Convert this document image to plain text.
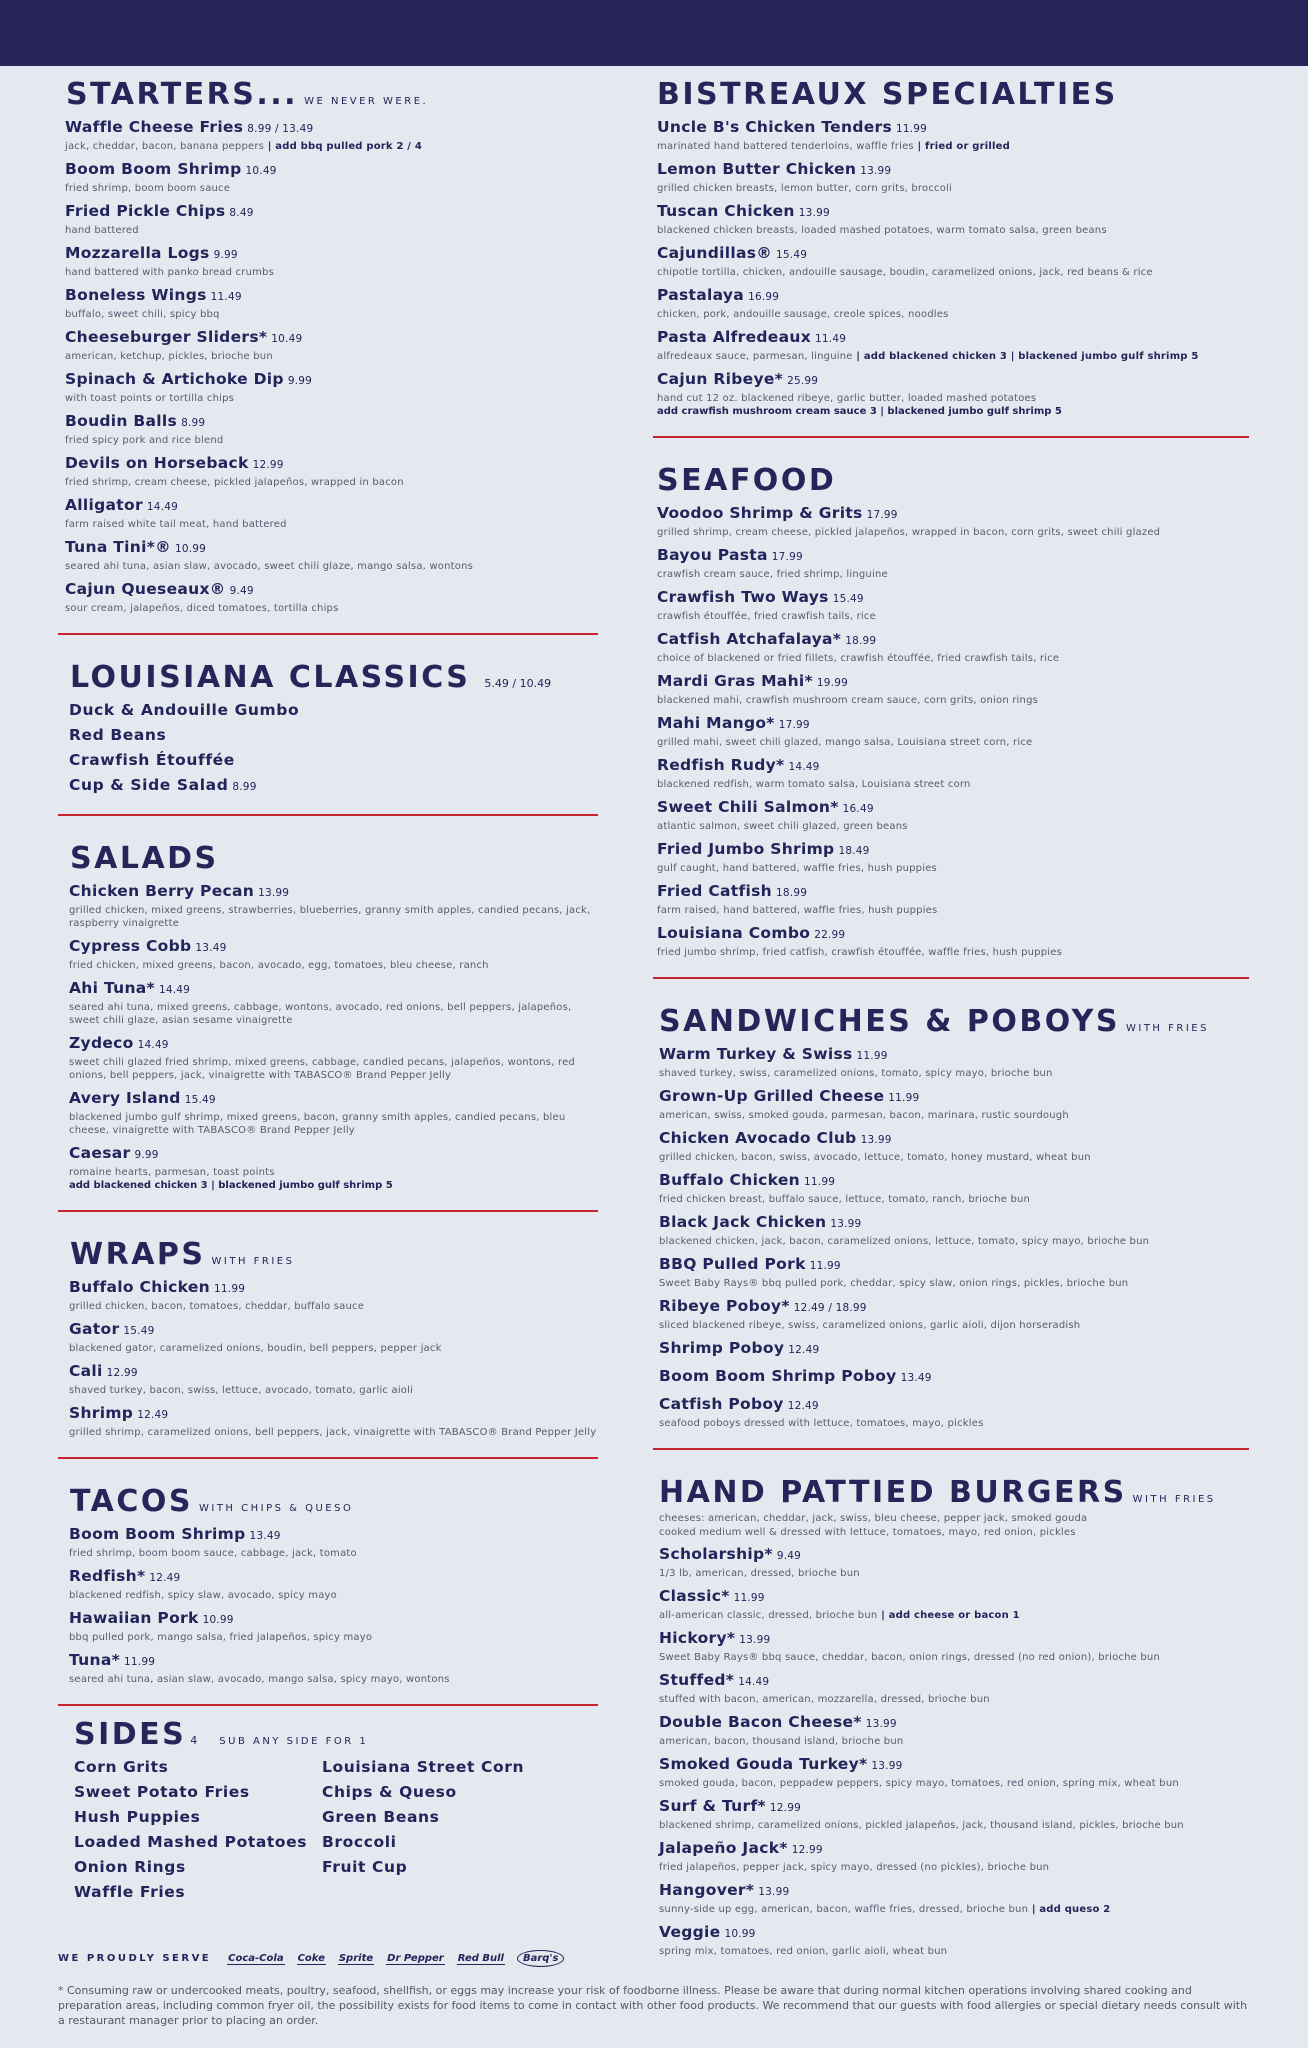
STARTERS... WE NEVER WERE.
Waffle Cheese Fries 8.99 / 13.49
jack, cheddar, bacon, banana peppers | add bbq pulled pork 2 / 4
Boom Boom Shrimp 10.49
fried shrimp, boom boom sauce
Fried Pickle Chips 8.49
hand battered
Mozzarella Logs 9.99
hand battered with panko bread crumbs
Boneless Wings 11.49
buffalo, sweet chili, spicy bbq
Cheeseburger Sliders* 10.49
american, ketchup, pickles, brioche bun
Spinach & Artichoke Dip 9.99
with toast points or tortilla chips
Boudin Balls 8.99
fried spicy pork and rice blend
Devils on Horseback 12.99
fried shrimp, cream cheese, pickled jalapeños, wrapped in bacon
Alligator 14.49
farm raised white tail meat, hand battered
Tuna Tini*® 10.99
seared ahi tuna, asian slaw, avocado, sweet chili glaze, mango salsa, wontons
Cajun Queseaux® 9.49
sour cream, jalapeños, diced tomatoes, tortilla chips
LOUISIANA CLASSICS 5.49 / 10.49
Duck & Andouille Gumbo
Red Beans
Crawfish Étouffée
Cup & Side Salad 8.99
SALADS
Chicken Berry Pecan 13.99
grilled chicken, mixed greens, strawberries, blueberries, granny smith apples, candied pecans, jack, raspberry vinaigrette
Cypress Cobb 13.49
fried chicken, mixed greens, bacon, avocado, egg, tomatoes, bleu cheese, ranch
Ahi Tuna* 14.49
seared ahi tuna, mixed greens, cabbage, wontons, avocado, red onions, bell peppers, jalapeños, sweet chili glaze, asian sesame vinaigrette
Zydeco 14.49
sweet chili glazed fried shrimp, mixed greens, cabbage, candied pecans, jalapeños, wontons, red onions, bell peppers, jack, vinaigrette with TABASCO® Brand Pepper Jelly
Avery Island 15.49
blackened jumbo gulf shrimp, mixed greens, bacon, granny smith apples, candied pecans, bleu cheese, vinaigrette with TABASCO® Brand Pepper Jelly
Caesar 9.99
romaine hearts, parmesan, toast points
add blackened chicken 3 | blackened jumbo gulf shrimp 5
WRAPS WITH FRIES
Buffalo Chicken 11.99
grilled chicken, bacon, tomatoes, cheddar, buffalo sauce
Gator 15.49
blackened gator, caramelized onions, boudin, bell peppers, pepper jack
Cali 12.99
shaved turkey, bacon, swiss, lettuce, avocado, tomato, garlic aioli
Shrimp 12.49
grilled shrimp, caramelized onions, bell peppers, jack, vinaigrette with TABASCO® Brand Pepper Jelly
TACOS WITH CHIPS & QUESO
Boom Boom Shrimp 13.49
fried shrimp, boom boom sauce, cabbage, jack, tomato
Redfish* 12.49
blackened redfish, spicy slaw, avocado, spicy mayo
Hawaiian Pork 10.99
bbq pulled pork, mango salsa, fried jalapeños, spicy mayo
Tuna* 11.99
seared ahi tuna, asian slaw, avocado, mango salsa, spicy mayo, wontons
SIDES 4 SUB ANY SIDE FOR 1
Corn Grits
Sweet Potato Fries
Hush Puppies
Loaded Mashed Potatoes
Onion Rings
Waffle Fries
Louisiana Street Corn
Chips & Queso
Green Beans
Broccoli
Fruit Cup
BISTREAUX SPECIALTIES
Uncle B's Chicken Tenders 11.99
marinated hand battered tenderloins, waffle fries | fried or grilled
Lemon Butter Chicken 13.99
grilled chicken breasts, lemon butter, corn grits, broccoli
Tuscan Chicken 13.99
blackened chicken breasts, loaded mashed potatoes, warm tomato salsa, green beans
Cajundillas® 15.49
chipotle tortilla, chicken, andouille sausage, boudin, caramelized onions, jack, red beans & rice
Pastalaya 16.99
chicken, pork, andouille sausage, creole spices, noodles
Pasta Alfredeaux 11.49
alfredeaux sauce, parmesan, linguine | add blackened chicken 3 | blackened jumbo gulf shrimp 5
Cajun Ribeye* 25.99
hand cut 12 oz. blackened ribeye, garlic butter, loaded mashed potatoes
add crawfish mushroom cream sauce 3 | blackened jumbo gulf shrimp 5
SEAFOOD
Voodoo Shrimp & Grits 17.99
grilled shrimp, cream cheese, pickled jalapeños, wrapped in bacon, corn grits, sweet chili glazed
Bayou Pasta 17.99
crawfish cream sauce, fried shrimp, linguine
Crawfish Two Ways 15.49
crawfish étouffée, fried crawfish tails, rice
Catfish Atchafalaya* 18.99
choice of blackened or fried fillets, crawfish étouffée, fried crawfish tails, rice
Mardi Gras Mahi* 19.99
blackened mahi, crawfish mushroom cream sauce, corn grits, onion rings
Mahi Mango* 17.99
grilled mahi, sweet chili glazed, mango salsa, Louisiana street corn, rice
Redfish Rudy* 14.49
blackened redfish, warm tomato salsa, Louisiana street corn
Sweet Chili Salmon* 16.49
atlantic salmon, sweet chili glazed, green beans
Fried Jumbo Shrimp 18.49
gulf caught, hand battered, waffle fries, hush puppies
Fried Catfish 18.99
farm raised, hand battered, waffle fries, hush puppies
Louisiana Combo 22.99
fried jumbo shrimp, fried catfish, crawfish étouffée, waffle fries, hush puppies
SANDWICHES & POBOYS WITH FRIES
Warm Turkey & Swiss 11.99
shaved turkey, swiss, caramelized onions, tomato, spicy mayo, brioche bun
Grown-Up Grilled Cheese 11.99
american, swiss, smoked gouda, parmesan, bacon, marinara, rustic sourdough
Chicken Avocado Club 13.99
grilled chicken, bacon, swiss, avocado, lettuce, tomato, honey mustard, wheat bun
Buffalo Chicken 11.99
fried chicken breast, buffalo sauce, lettuce, tomato, ranch, brioche bun
Black Jack Chicken 13.99
blackened chicken, jack, bacon, caramelized onions, lettuce, tomato, spicy mayo, brioche bun
BBQ Pulled Pork 11.99
Sweet Baby Rays® bbq pulled pork, cheddar, spicy slaw, onion rings, pickles, brioche bun
Ribeye Poboy* 12.49 / 18.99
sliced blackened ribeye, swiss, caramelized onions, garlic aioli, dijon horseradish
Shrimp Poboy 12.49
Boom Boom Shrimp Poboy 13.49
Catfish Poboy 12.49
seafood poboys dressed with lettuce, tomatoes, mayo, pickles
HAND PATTIED BURGERS WITH FRIES
cheeses: american, cheddar, jack, swiss, bleu cheese, pepper jack, smoked gouda
cooked medium well & dressed with lettuce, tomatoes, mayo, red onion, pickles
Scholarship* 9.49
1/3 lb, american, dressed, brioche bun
Classic* 11.99
all-american classic, dressed, brioche bun | add cheese or bacon 1
Hickory* 13.99
Sweet Baby Rays® bbq sauce, cheddar, bacon, onion rings, dressed (no red onion), brioche bun
Stuffed* 14.49
stuffed with bacon, american, mozzarella, dressed, brioche bun
Double Bacon Cheese* 13.99
american, bacon, thousand island, brioche bun
Smoked Gouda Turkey* 13.99
smoked gouda, bacon, peppadew peppers, spicy mayo, tomatoes, red onion, spring mix, wheat bun
Surf & Turf* 12.99
blackened shrimp, caramelized onions, pickled jalapeños, jack, thousand island, pickles, brioche bun
Jalapeño Jack* 12.99
fried jalapeños, pepper jack, spicy mayo, dressed (no pickles), brioche bun
Hangover* 13.99
sunny-side up egg, american, bacon, waffle fries, dressed, brioche bun | add queso 2
Veggie 10.99
spring mix, tomatoes, red onion, garlic aioli, wheat bun
WE PROUDLY SERVE Coca-Cola Coke Sprite Dr Pepper Red Bull	Barq's
* Consuming raw or undercooked meats, poultry, seafood, shellfish, or eggs may increase your risk of foodborne illness. Please be aware that during normal kitchen operations involving shared cooking and preparation areas, including common fryer oil, the possibility exists for food items to come in contact with other food products. We recommend that our guests with food allergies or special dietary needs consult with a restaurant manager prior to placing an order.
